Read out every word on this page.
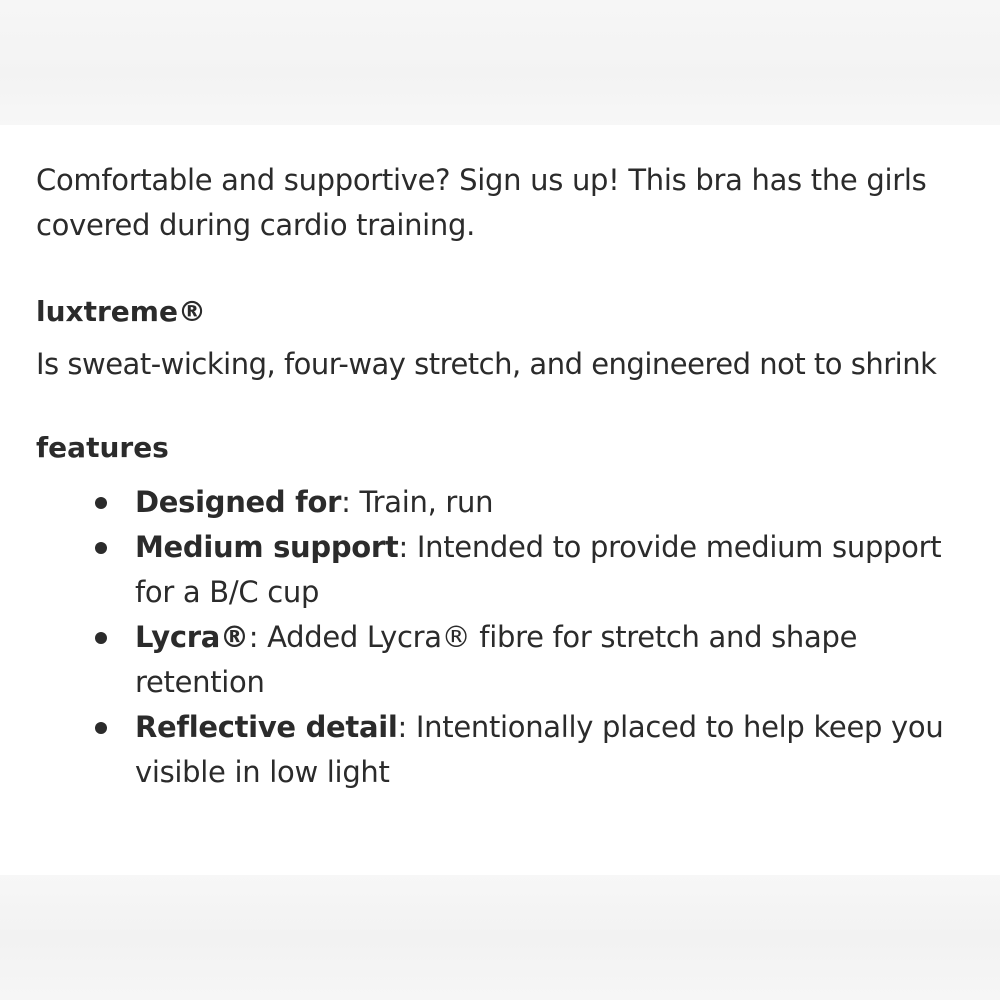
Comfortable and supportive? Sign us up! This bra has the girls covered during cardio training.

luxtreme®

Is sweat-wicking, four-way stretch, and engineered not to shrink

features
Designed for: Train, run
Medium support: Intended to provide medium support for a B/C cup
Lycra®: Added Lycra® fibre for stretch and shape retention
Reflective detail: Intentionally placed to help keep you visible in low light
